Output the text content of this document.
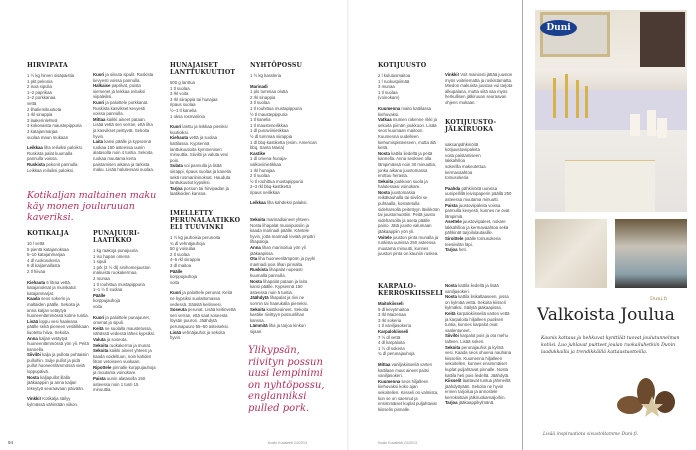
HIRVIPATA
1 ½ kg hirven sisäpaistia
1 pkt pekonia
2 isoa sipulia
1–2 paprikaa
1–2 porkkanaa
vettä
2 lihaliemikuutiota
1 rkl sinappia
3 laakerinlehteä
3 kokonaista maustepippuria
3 katajanmarjaa
suolaa maun mukaan

Leikkaa liha reiluiksi paloiksi. Ruskista palat kuumalla pannulla voissa.

Ruskista pekonit pannulla. Leikkaa reiluiksi paloiksi.

Kuori ja siivuta sipulit. Ruskista kevyesti voissa pannulla.

Halkaise paprikat, poista siemenet ja leikkaa reiluiksi viipaleiksi.

Kuori ja paloittele porkkanat. Ruskista kasvikset kevyesti voissa pannulla.

Mittaa kaikki aineet pataan. Lisää vettä sen verran, että liha ja kasvikset peittyvät. Sekoita hyvin.

Laita kansi päälle ja kypsennä ruokaa 150 asteessa uunin alatasolla noin 4 tuntia. Sekoita ruokaa muutama kerta paistamisen aikana ja tarkista maku. Lisää halutessasi suolaa.

HUNAJAISET LANTTUKUUTIOT
500 g lanttua
1 tl suolaa
3 rkl voita
3 rkl siirappia tai hunajaa
ripaus suolaa
½–1 tl kanelia
1 oksa rosmariinia

Kuori lanttu ja leikkaa pieniksi kuutioiksi.

Kiehauta vettä ja suolaa kattilassa. Kypsennä lanttukuutioita kymmenisen minuuttia. Siivilöi ja valuta vesi pois.

Sulata voi pannulla ja lisää siirappi, ripaus suolaa ja kanelia sekä rosmariininoksat. Hauduta lanttukuutiot kypsiksi.

Tarjoa possun tai hirvipadan ja laatikoiden kanssa.

NYHTÖPOSSU
1 ½ kg kassleria
Marinadi
1 plo tummaa olutta
2 rkl sinappia
3 tl suolaa
1 tl rouhittua mustapippuria
½ tl maustepippuria
1 tl kanelia
1 tl mausteneilikkaa
1 dl punaviinietikkaa
½ dl tummaa siirappia
1 dl bbq-kastiketta (esim. American bbq, Santa Maria)
Kastike
1 dl omena-hunaja-valkoviinietikkaa
1 rkl hunajaa
2 tl suolaa
½ tl rouhittua mustapippuria
2–3 rkl bbq-kastiketta
ripaus neilikkaa

Leikkaa liha kahdeksi palaksi.

KOTIKALJA
10 l vettä
5 pientä katajanoksaa
5–10 katajanmarjaa
4 dl ruokosokeria
6 dl kaljamallasta
2 tl hiivaa

Kiehauta 5 litraa vettä, katajanoksat ja murskatut katajanmarjat.

Kaada seos sokerin ja maltaiden päälle. Sekoita ja anna kaljan vetäytyä huoneenlämmössä kolme tuntia.

Lisää loppu vesi haaleana päälle sekä pieneen vesitilkkaan liuotettu hiiva. Sekoita.

Anna kaljan vetäytyä huoneenlämmössä yön yli. Peitä kannella.

Siivilöi kalja ja pullota puhtaisiin pulloihin. Sulje pullot ja pidä pullot huoneenlämmössä vielä loppupäivä.

Nosta kaljapullot illalla jääkaappiin ja anna kaljan tekeytyä seuraavaan päivään.

Vinkki! Kotikalja säilyy kylmässä vähintään viikon.

PUNAJUURI-LAATIKKO
1 kg raakoja punajuuria
1 iso hapan omena
1 sipuli
1 prk (2 ½ dl) sinihomejuuston makuista ruokakermaa
2 munaa
1 tl rouhittua mustapippuria
1–1 ½ tl suolaa
Päälle
korppujauhoja
voita

Kuori ja paloittele punajuuret, omenat ja sipuli.

Keitä ne suolalla maustetussa, vähässä vedessä lähes kypsiksi.

Valuta ja soseuta.

Sekoita ruokakerma ja munat.

Sekoita kaikki aineet yhteen ja kaada voideltuun, noin kahden litran vetoiseen vuokaan.

Ripottele pinnalle korppujauhoja ja muutama voinokare.

Paista uunin alatasolla 150 asteessa noin 1 tunti 15 minuuttia.

IMELLETTY PERUNALAATIKKO ELI TUUVINKI
1 ½ kg jauhoisia perunoita
¾ dl vehnäjauhoja
50 g voisulaa
2 tl suolaa
4–5 rkl siirappia
3 dl maitoa
Päälle
korppujauhoja
voita

Kuori ja paloittele perunat. Keitä ne kypsiksi suolattomassa vedessä. Säästä keitinvesi.

Soseuta perunat. Lisää keitinvettä sen verran, että saat soseesta löysän puuron. Jäähdytä perunapuuro 55–60 asteiseksi.

Lisää vehnäjauhot ja sekoita hyvin.

Sekoita marinadiaineet yhteen. Nosta lihapalat muovipussiin ja kaada marinadi päälle. Käntele hyvin, jotta marinadi leviää ympäri lihapaloja.

Anna lihan marinoitua yön yli jääkaapissa.

Ota liha huoneenlämpöön ja pyyhi marinadi pois lihan pinnalta.

Ruskista lihapalat nopeasti kuumalla pannulla.

Nosta lihapalat pataan ja laita kansi päälle. Kypsennä 150 asteessa noin 5 tuntia.

Jäähdytä lihapalat ja riivi ne sormin tai haarukalla pieneksi.

Sekoita kastikeaineet. Sekoita kastike riivittyyn possunlihan kanssa.

Lämmitä liha ja tarjoa kinkun sijaan.

KOTIJUUSTO
2 l kulutusmaitoa
1 l ruokuspiimää
3 munaa
1 tl suolaa
(voinokare)

Kuumenna maito kattilassa kiehuvaksi.

Vatkaa munien rakenne rikki ja sekoita piimän joukkoon. Lisää seos kuumaan maitoon. Kuumenna uudelleen kiehumispisteeseen, mutta älä keitä.

Nosta kattila liedeltä ja peitä kannella. Anna seoksen olla lämpimässä noin 30 minuuttia, jonka aikana juustomassa erottuu herasta.

Sekoita joukkoon suola ja halutessasi voinokare.

Nosta juustomassa reikäkauhalla tai siivilöi se puhtaalla, kostutetulla sideharsolla peitettyyn lävikköön tai juustomuottiin. Peitä juusto sideharsolla ja aseta päälle paino. Jätä juusto valumaan jääkaappiin yön yli.

Voitele juuston pinta munalla ja ruskista uunissa 250 asteessa muutama minuutti, kunnes juuston pinta on kauniin ruskea.

Vinkki! Voit mainiosti jättää juuston myös voitelematta ja ruskistamatta. Miedon makuista juustoa voi tarjota alkupalana, mutta siitä saa myös herkullisen jälkiruuan seuraavan ohjeen mukaan.

KOTIJUUSTO-JÄLKIRUOKA
saksanpähkinöitä
kotijuustoviipaleita
voita paistamiseen
lakkahilloa
sokerilla makeutettua kermavaahtoa
tomusokeria

Paahda pähkinöitä uunissa uunipellillä leivinpaperin päällä 250 asteessa muutama minuutti.

Paista juustoviipaleita voissa pannulla kevyesti, kunnes ne ovat lämpimiä.

Asettele juustoviipaleet, nokare lakkahilloa ja kermavaahtoa sekä pähkinät tarjoilulautasille.

Siroittele päälle tomusokeria teesiivilän läpi.

Tarjoa heti.

KARPALO-KERROSKIISSELI
Maitokiisseli
5 dl kevytmaitoa
3 rkl Maizenaa
3 rkl sokeria
1 tl vaniljasokeria
Karpalokiisseli
7 ½ dl vettä
4 dl karpaloita
1 ½ dl sokeria
¾ dl perunajauhoja

Mittaa vaniljakiisseliä varten kattilaan muut aineet paitsi vaniljasokeri.

Kuumenna seos hiljalleen kiehuvaksi koko ajan sekoitellen. Kiisseli on valmista, kun se on saennut ja ensimmäiset kuplat puljahtavat kiisselin pinnalle.

Nosta kattila liedeltä ja lisää vaniljasokeri.

Nosta kattila lisikaltaaseen, jossa on kylmää vettä. Sekoita kiisseli kylmäksi. Säilytä jääkaapissa.

Keitä karpalokiisseliä varten vettä ja karpaloita hiljalleen puolisen tuntia, kunnes karpalot ovat vaalentuneet.

Siivilöi karpalot pois ja ota mehu talteen. Lisää sokeri.

Sekoita perunajauhot ja kylmä vesi. Kaada seos ohuena nauhana kiisseliin. Kuumenna hiljalleen sekoitellen, kunnes ensimmäiset kuplat puljahtavat pinnalle. Nosta kattila heti pois liedeltä. Jäähdytä.

Kiisselit laattavat tuntua jähmeiltä jäähdyttyään. Sekoita ne hyvin ennen tarjoilua ja annostele kerroksittain jälkiruokamaljoihin.

Tarjoa jääkaappikylmänä.

Kotikaljan maltainen maku käy monen jouluruuan kaveriksi.
Ylikypsän, riivityn possun uusi lempinimi on nyhtöpossu, englanniksi pulled pork.
94	Kodin Kuvalehti 24/2013	Kodin Kuvalehti 24/2013
Duni
Duni.fi
Valkoista Joulua
Kaunis kattaus ja hehkuvat kynttilät tuovat joulutunnelman kotiisi. Luo juhlavat puitteet joulan ruokailuhetkiin Dunin laadukkailla ja trendikkäillä kattaustuotteilla.
Lisää inspiraatiota sivustoltamme Duni.fi.
